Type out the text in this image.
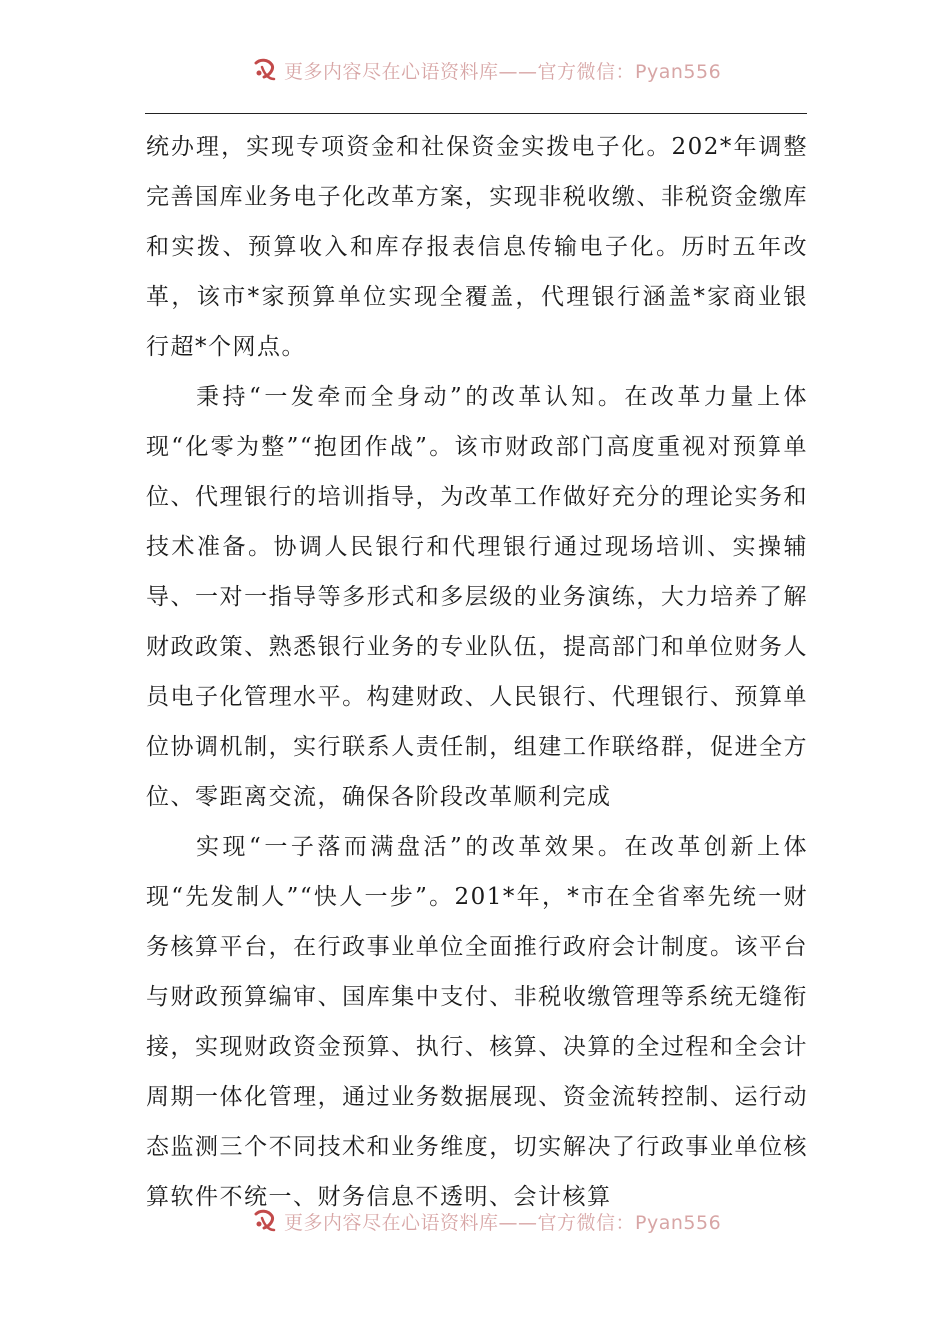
更多内容尽在心语资料库——官方微信：Pyan556

统办理，实现专项资金和社保资金实拨电子化。202*年调整完善国库业务电子化改革方案，实现非税收缴、非税资金缴库和实拨、预算收入和库存报表信息传输电子化。历时五年改革，该市*家预算单位实现全覆盖，代理银行涵盖*家商业银行超*个网点。

秉持“一发牵而全身动”的改革认知。在改革力量上体现“化零为整”“抱团作战”。该市财政部门高度重视对预算单位、代理银行的培训指导，为改革工作做好充分的理论实务和技术准备。协调人民银行和代理银行通过现场培训、实操辅导、一对一指导等多形式和多层级的业务演练，大力培养了解财政政策、熟悉银行业务的专业队伍，提高部门和单位财务人员电子化管理水平。构建财政、人民银行、代理银行、预算单位协调机制，实行联系人责任制，组建工作联络群，促进全方位、零距离交流，确保各阶段改革顺利完成

实现“一子落而满盘活”的改革效果。在改革创新上体现“先发制人”“快人一步”。201*年，*市在全省率先统一财务核算平台，在行政事业单位全面推行政府会计制度。该平台与财政预算编审、国库集中支付、非税收缴管理等系统无缝衔接，实现财政资金预算、执行、核算、决算的全过程和全会计周期一体化管理，通过业务数据展现、资金流转控制、运行动态监测三个不同技术和业务维度，切实解决了行政事业单位核算软件不统一、财务信息不透明、会计核算

更多内容尽在心语资料库——官方微信：Pyan556
